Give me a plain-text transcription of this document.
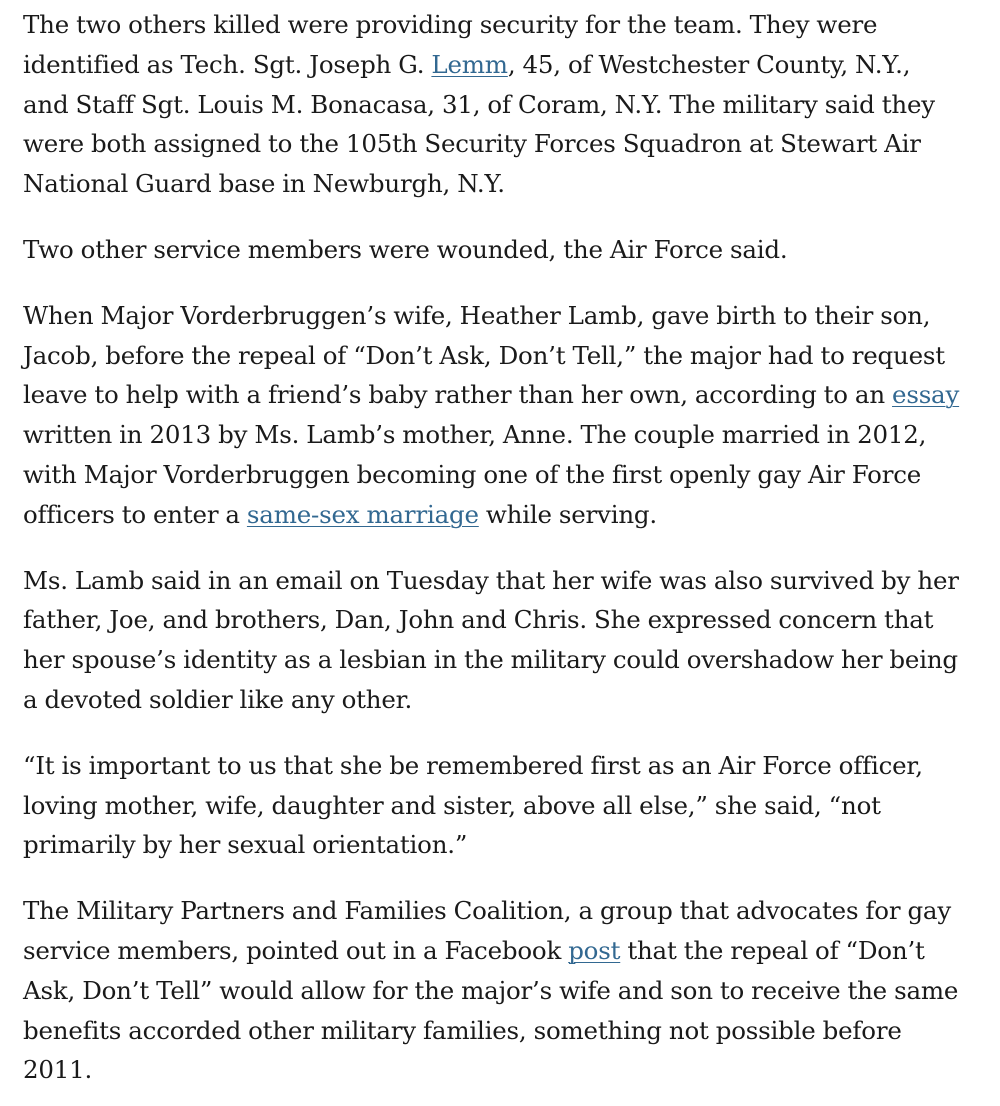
The two others killed were providing security for the team. They were identified as Tech. Sgt. Joseph G. Lemm, 45, of Westchester County, N.Y., and Staff Sgt. Louis M. Bonacasa, 31, of Coram, N.Y. The military said they were both assigned to the 105th Security Forces Squadron at Stewart Air National Guard base in Newburgh, N.Y.

Two other service members were wounded, the Air Force said.

When Major Vorderbruggen’s wife, Heather Lamb, gave birth to their son, Jacob, before the repeal of “Don’t Ask, Don’t Tell,” the major had to request leave to help with a friend’s baby rather than her own, according to an essay written in 2013 by Ms. Lamb’s mother, Anne. The couple married in 2012, with Major Vorderbruggen becoming one of the first openly gay Air Force officers to enter a same-sex marriage while serving.

Ms. Lamb said in an email on Tuesday that her wife was also survived by her father, Joe, and brothers, Dan, John and Chris. She expressed concern that her spouse’s identity as a lesbian in the military could overshadow her being a devoted soldier like any other.

“It is important to us that she be remembered first as an Air Force officer, loving mother, wife, daughter and sister, above all else,” she said, “not primarily by her sexual orientation.”

The Military Partners and Families Coalition, a group that advocates for gay service members, pointed out in a Facebook post that the repeal of “Don’t Ask, Don’t Tell” would allow for the major’s wife and son to receive the same benefits accorded other military families, something not possible before 2011.
